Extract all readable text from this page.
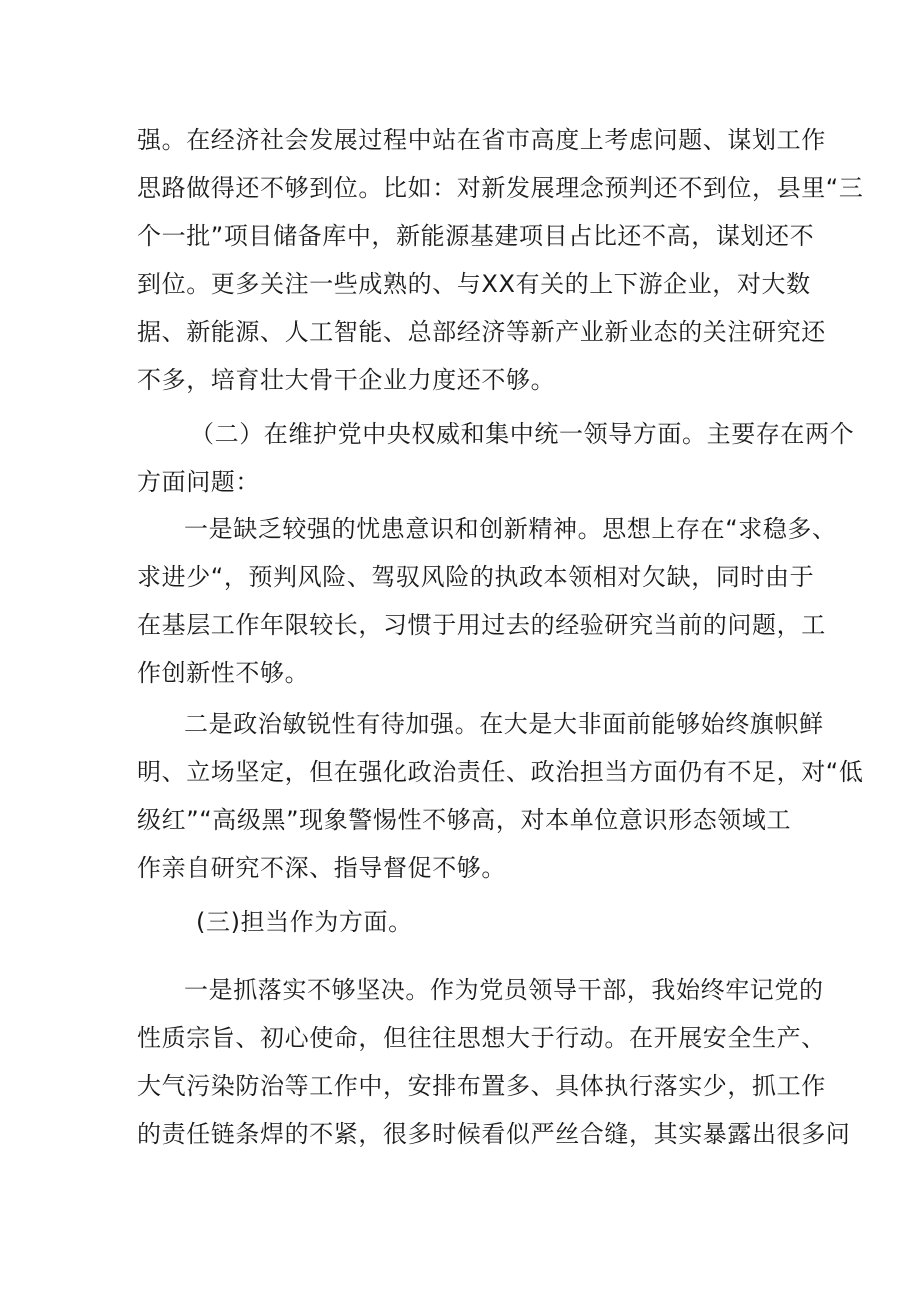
强。在经济社会发展过程中站在省市高度上考虑问题、谋划工作
思路做得还不够到位。比如：对新发展理念预判还不到位，县里“三
个一批”项目储备库中，新能源基建项目占比还不高，谋划还不
到位。更多关注一些成熟的、与XX有关的上下游企业，对大数
据、新能源、人工智能、总部经济等新产业新业态的关注研究还
不多，培育壮大骨干企业力度还不够。
（二）在维护党中央权威和集中统一领导方面。主要存在两个
方面问题：
一是缺乏较强的忧患意识和创新精神。思想上存在“求稳多、
求进少“，预判风险、驾驭风险的执政本领相对欠缺，同时由于
在基层工作年限较长，习惯于用过去的经验研究当前的问题，工
作创新性不够。
二是政治敏锐性有待加强。在大是大非面前能够始终旗帜鲜
明、立场坚定，但在强化政治责任、政治担当方面仍有不足，对“低
级红”“高级黑”现象警惕性不够高，对本单位意识形态领域工
作亲自研究不深、指导督促不够。
(三)担当作为方面。
一是抓落实不够坚决。作为党员领导干部，我始终牢记党的
性质宗旨、初心使命，但往往思想大于行动。在开展安全生产、
大气污染防治等工作中，安排布置多、具体执行落实少，抓工作
的责任链条焊的不紧，很多时候看似严丝合缝，其实暴露出很多问
